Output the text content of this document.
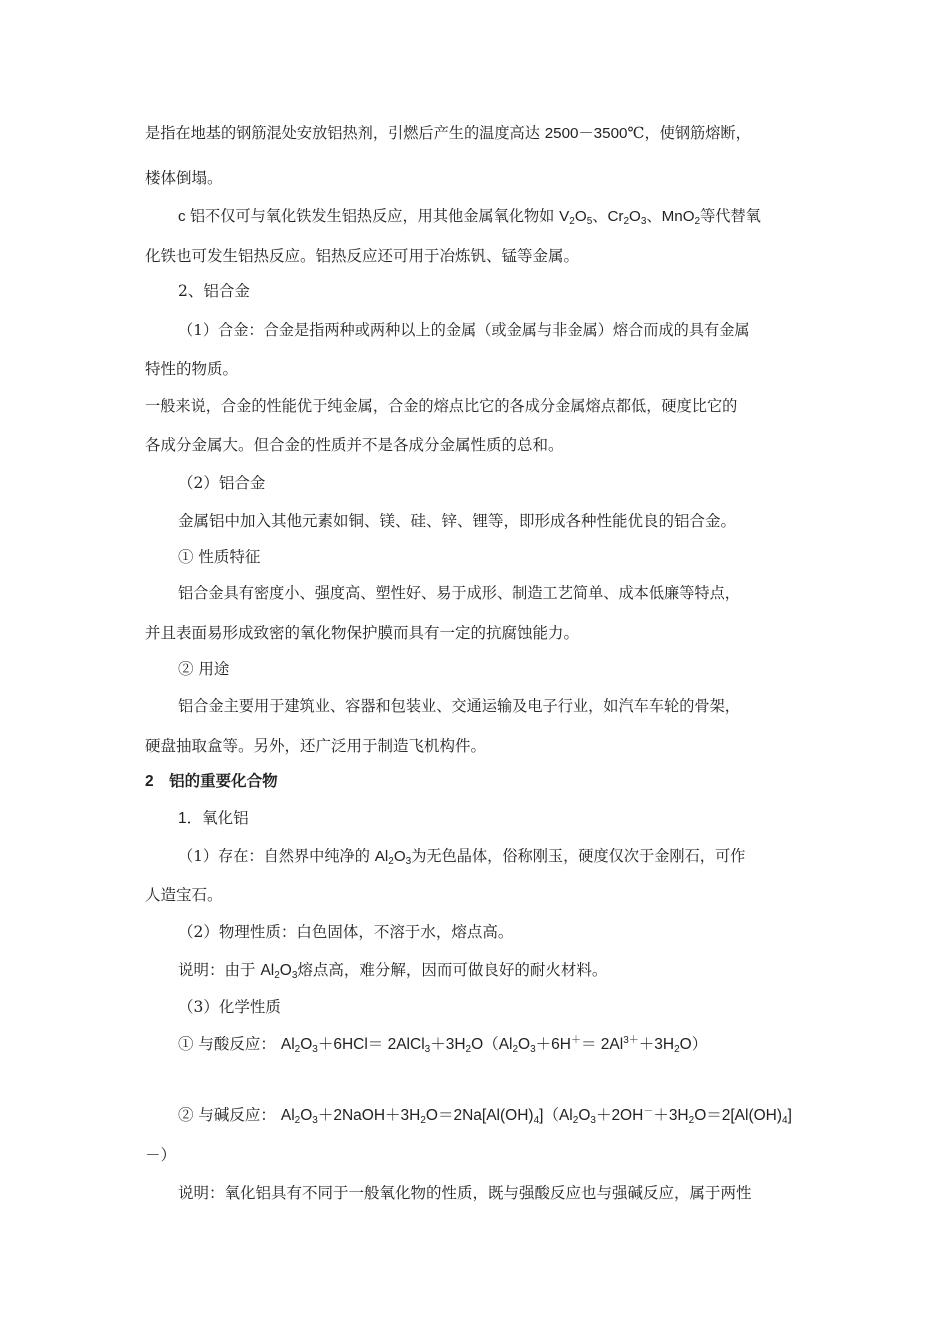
是指在地基的钢筋混处安放铝热剂，引燃后产生的温度高达 2500－3500℃，使钢筋熔断，
楼体倒塌。
c 铝不仅可与氧化铁发生铝热反应，用其他金属氧化物如 $V_2O_5$、$Cr_2O_3$、MnO$_2$等代替氧
化铁也可发生铝热反应。铝热反应还可用于冶炼钒、锰等金属。
2、铝合金
（1）合金：合金是指两种或两种以上的金属（或金属与非金属）熔合而成的具有金属
特性的物质。
一般来说，合金的性能优于纯金属，合金的熔点比它的各成分金属熔点都低，硬度比它的
各成分金属大。但合金的性质并不是各成分金属性质的总和。
（2）铝合金
金属铝中加入其他元素如铜、镁、硅、锌、锂等，即形成各种性能优良的铝合金。
① 性质特征
铝合金具有密度小、强度高、塑性好、易于成形、制造工艺简单、成本低廉等特点，
并且表面易形成致密的氧化物保护膜而具有一定的抗腐蚀能力。
② 用途
铝合金主要用于建筑业、容器和包装业、交通运输及电子行业，如汽车车轮的骨架，
硬盘抽取盒等。另外，还广泛用于制造飞机构件。
2　铝的重要化合物
1．氧化铝
（1）存在：自然界中纯净的 $Al_2O_3$为无色晶体，俗称刚玉，硬度仅次于金刚石，可作
人造宝石。
（2）物理性质：白色固体，不溶于水，熔点高。
说明：由于 $Al_2O_3$熔点高，难分解，因而可做良好的耐火材料。
（3）化学性质
① 与酸反应： $Al_2O_3+6HCl=$ $2AlCl_3+3H_2O(Al_2O_3+6H^+= 2Al^{3+}+3H_2O)$
② 与碱反应： $Al_2O_3+2NaOH+3H_2O=2Na[Al(OH)_4](Al_2O_3+2OH^-+3H_2O=2[Al(OH)_4]$
－）
说明：氧化铝具有不同于一般氧化物的性质，既与强酸反应也与强碱反应，属于两性
